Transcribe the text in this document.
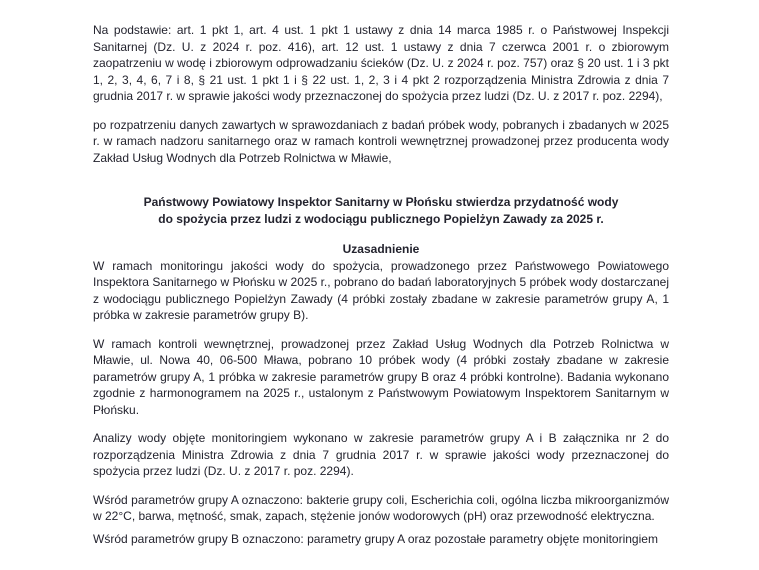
Na podstawie: art. 1 pkt 1, art. 4 ust. 1 pkt 1 ustawy z dnia 14 marca 1985 r. o Państwowej Inspekcji Sanitarnej (Dz. U. z 2024 r. poz. 416), art. 12 ust. 1 ustawy z dnia 7 czerwca 2001 r. o zbiorowym zaopatrzeniu w wodę i zbiorowym odprowadzaniu ścieków (Dz. U. z 2024 r. poz. 757) oraz § 20 ust. 1 i 3 pkt 1, 2, 3, 4, 6, 7 i 8, § 21 ust. 1 pkt 1 i § 22 ust. 1, 2, 3 i 4 pkt 2 rozporządzenia Ministra Zdrowia z dnia 7 grudnia 2017 r. w sprawie jakości wody przeznaczonej do spożycia przez ludzi (Dz. U. z 2017 r. poz. 2294),

po rozpatrzeniu danych zawartych w sprawozdaniach z badań próbek wody, pobranych i zbadanych w 2025 r. w ramach nadzoru sanitarnego oraz w ramach kontroli wewnętrznej prowadzonej przez producenta wody Zakład Usług Wodnych dla Potrzeb Rolnictwa w Mławie,

Państwowy Powiatowy Inspektor Sanitarny w Płońsku stwierdza przydatność wody
do spożycia przez ludzi z wodociągu publicznego Popielżyn Zawady za 2025 r.
Uzasadnienie

W ramach monitoringu jakości wody do spożycia, prowadzonego przez Państwowego Powiatowego Inspektora Sanitarnego w Płońsku w 2025 r., pobrano do badań laboratoryjnych 5 próbek wody dostarczanej z wodociągu publicznego Popielżyn Zawady (4 próbki zostały zbadane w zakresie parametrów grupy A, 1 próbka w zakresie parametrów grupy B).

W ramach kontroli wewnętrznej, prowadzonej przez Zakład Usług Wodnych dla Potrzeb Rolnictwa w Mławie, ul. Nowa 40, 06-500 Mława, pobrano 10 próbek wody (4 próbki zostały zbadane w zakresie parametrów grupy A, 1 próbka w zakresie parametrów grupy B oraz 4 próbki kontrolne). Badania wykonano zgodnie z harmonogramem na 2025 r., ustalonym z Państwowym Powiatowym Inspektorem Sanitarnym w Płońsku.

Analizy wody objęte monitoringiem wykonano w zakresie parametrów grupy A i B załącznika nr 2 do rozporządzenia Ministra Zdrowia z dnia 7 grudnia 2017 r. w sprawie jakości wody przeznaczonej do spożycia przez ludzi (Dz. U. z 2017 r. poz. 2294).

Wśród parametrów grupy A oznaczono: bakterie grupy coli, Escherichia coli, ogólna liczba mikroorganizmów w 22°C, barwa, mętność, smak, zapach, stężenie jonów wodorowych (pH) oraz przewodność elektryczna.

Wśród parametrów grupy B oznaczono: parametry grupy A oraz pozostałe parametry objęte monitoringiem
